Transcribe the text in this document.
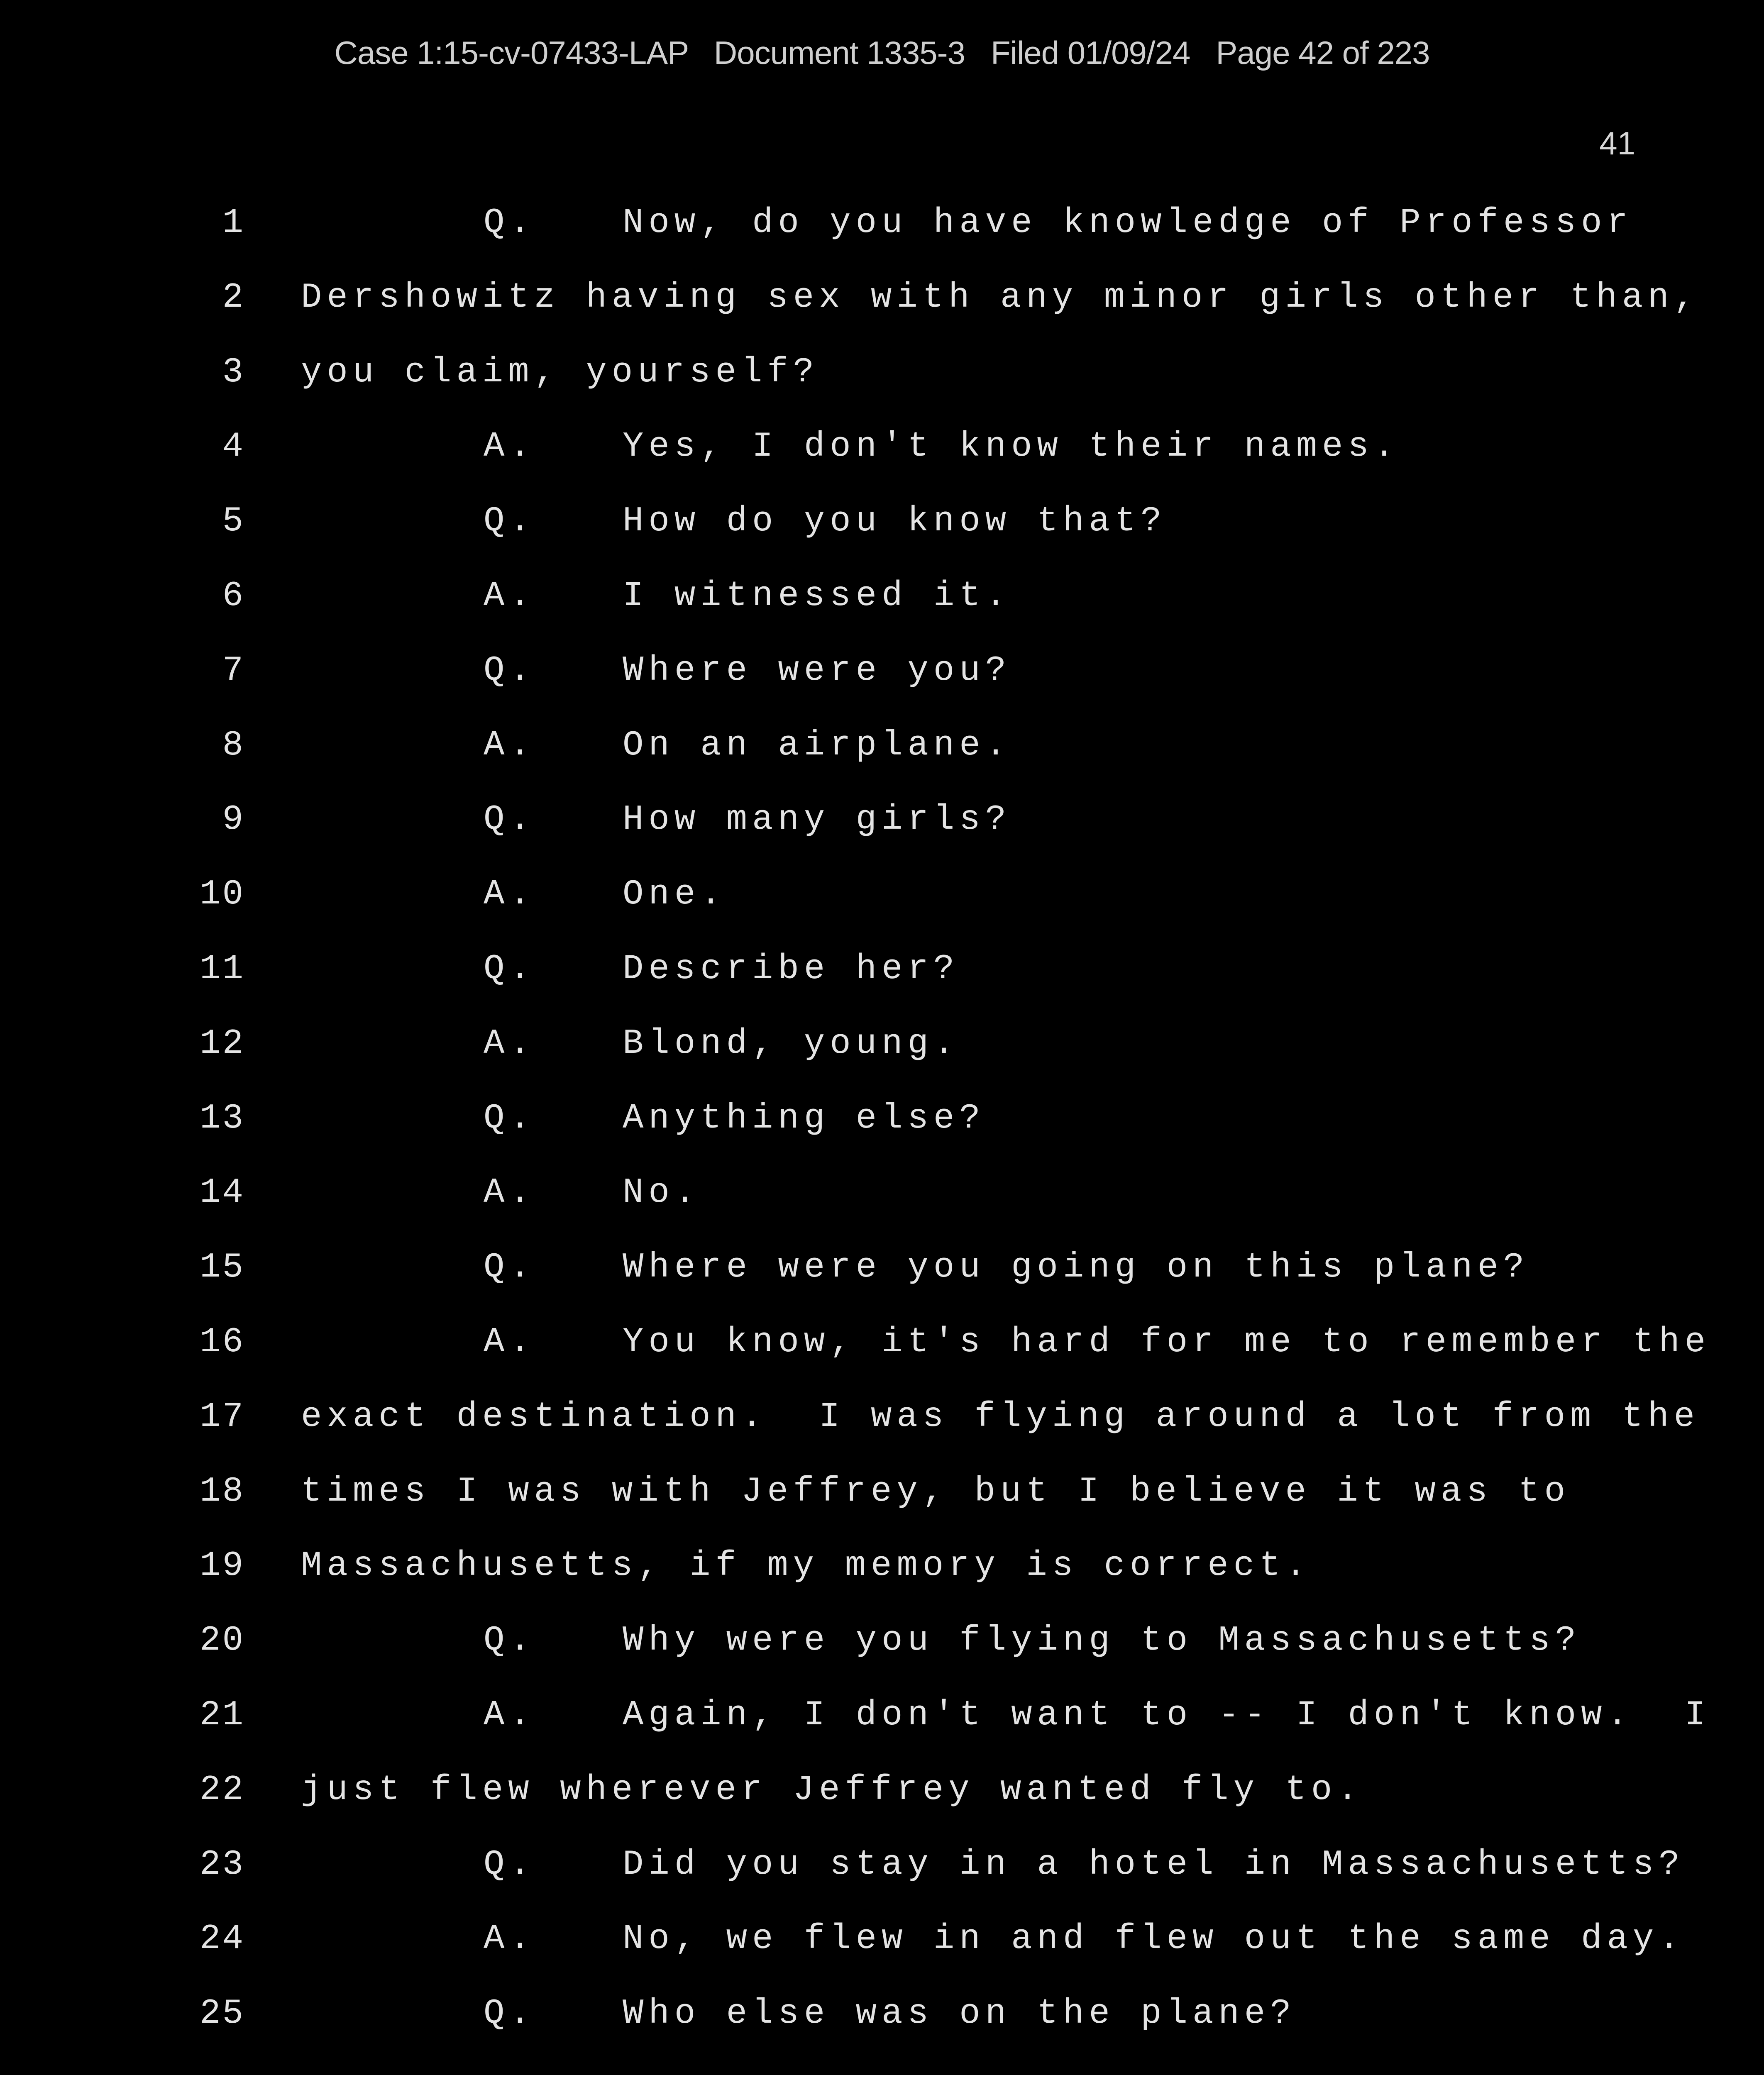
Case 1:15-cv-07433-LAP Document 1335-3 Filed 01/09/24 Page 42 of 223
41
1	Q.	Now, do you have knowledge of Professor
2 Dershowitz having sex with any minor girls other than,
3 you claim, yourself?
4	A.	Yes, I don't know their names.
5	Q.	How do you know that?
6	A.	I witnessed it.
7	Q.	Where were you?
8	A.	On an airplane.
9	Q.	How many girls?
10	A.	One.
11	Q.	Describe her?
12	A.	Blond, young.
13	Q.	Anything else?
14	A.	No.
15	Q.	Where were you going on this plane?
16	A.	You know, it's hard for me to remember the
17 exact destination.  I was flying around a lot from the
18 times I was with Jeffrey, but I believe it was to
19 Massachusetts, if my memory is correct.
20	Q.	Why were you flying to Massachusetts?
21	A.	Again, I don't want to -- I don't know.  I
22 just flew wherever Jeffrey wanted fly to.
23	Q.	Did you stay in a hotel in Massachusetts?
24	A.	No, we flew in and flew out the same day.
25	Q.	Who else was on the plane?
